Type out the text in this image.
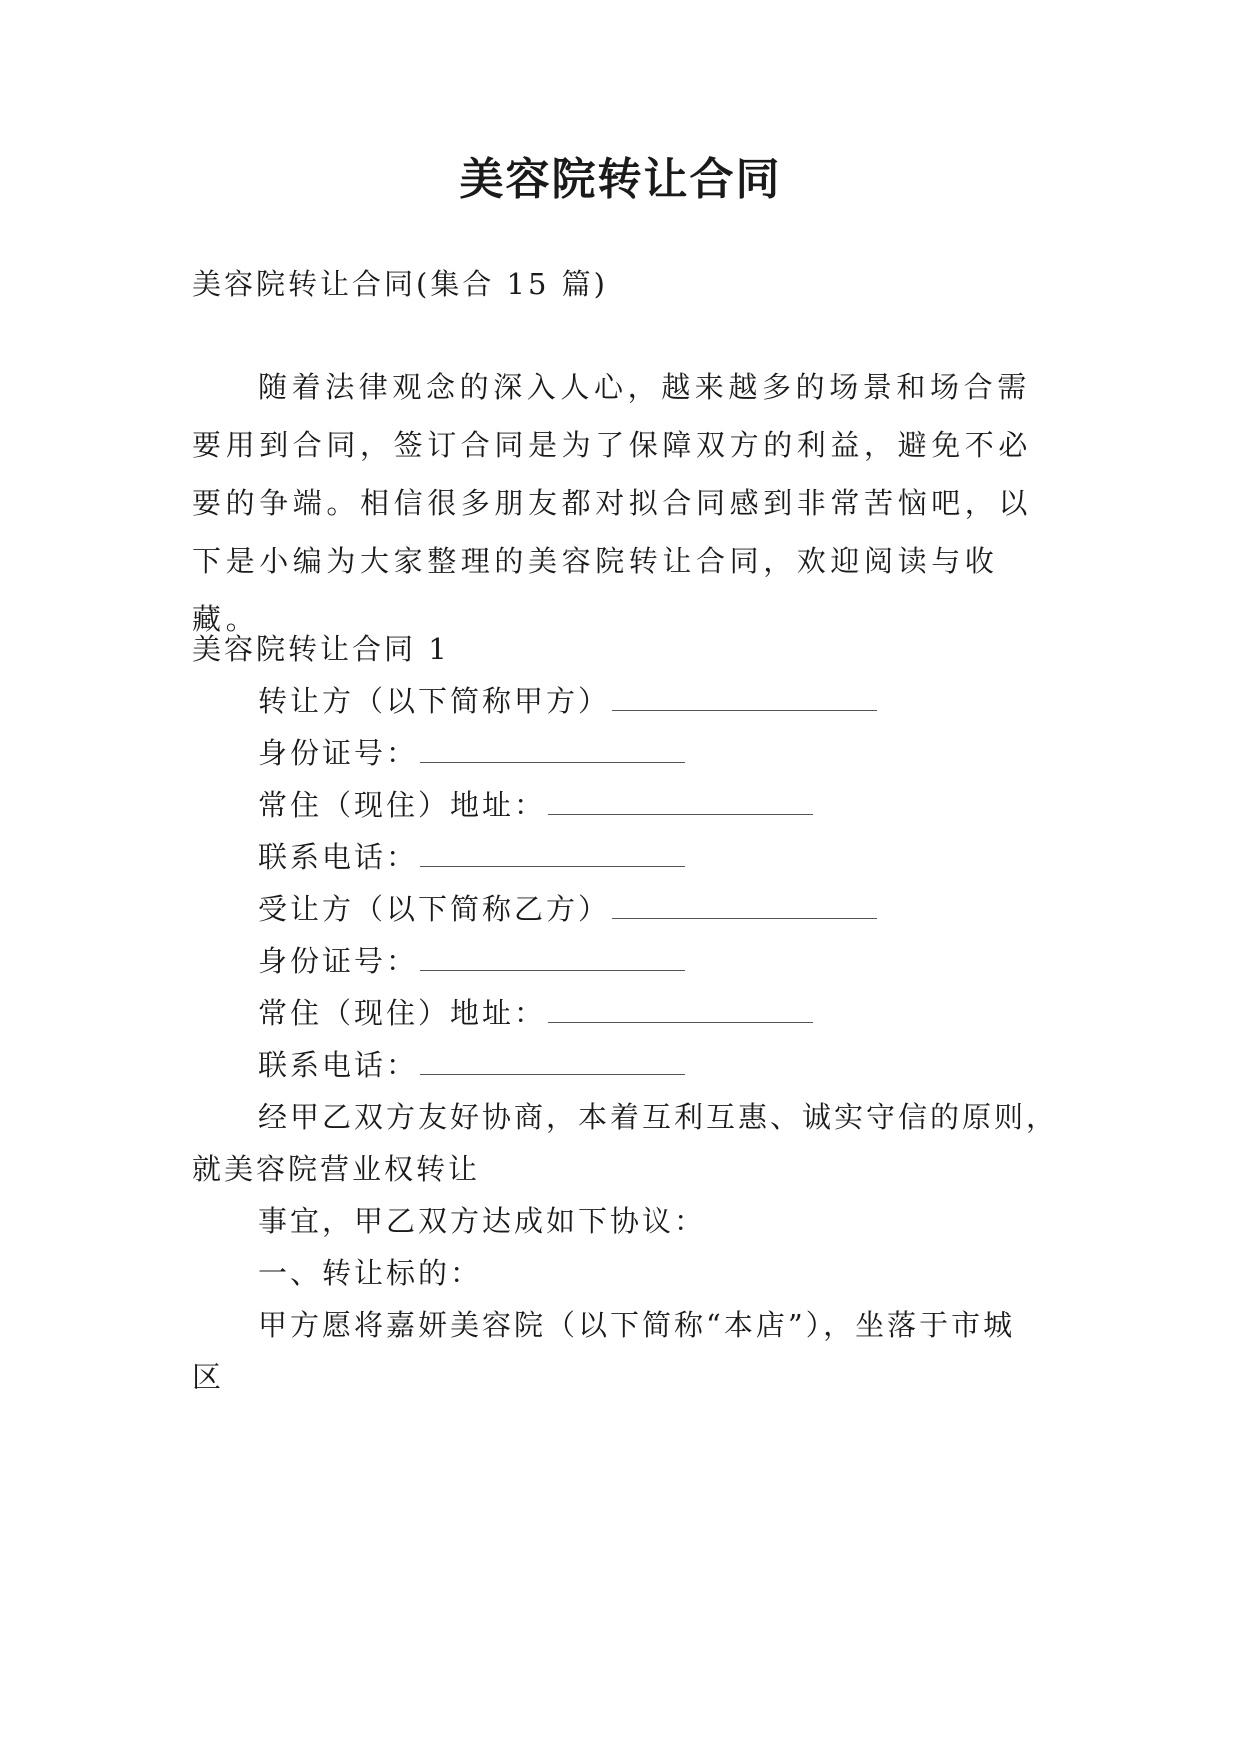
美容院转让合同
美容院转让合同(集合 15 篇)
随着法律观念的深入人心，越来越多的场景和场合需要用到合同，签订合同是为了保障双方的利益，避免不必要的争端。相信很多朋友都对拟合同感到非常苦恼吧，以下是小编为大家整理的美容院转让合同，欢迎阅读与收藏。
美容院转让合同 1
转让方（以下简称甲方）
身份证号：
常住（现住）地址：
联系电话：
受让方（以下简称乙方）
身份证号：
常住（现住）地址：
联系电话：
经甲乙双方友好协商，本着互利互惠、诚实守信的原则，
就美容院营业权转让
事宜，甲乙双方达成如下协议：
一、转让标的：
甲方愿将嘉妍美容院（以下简称“本店”），坐落于市城
区
